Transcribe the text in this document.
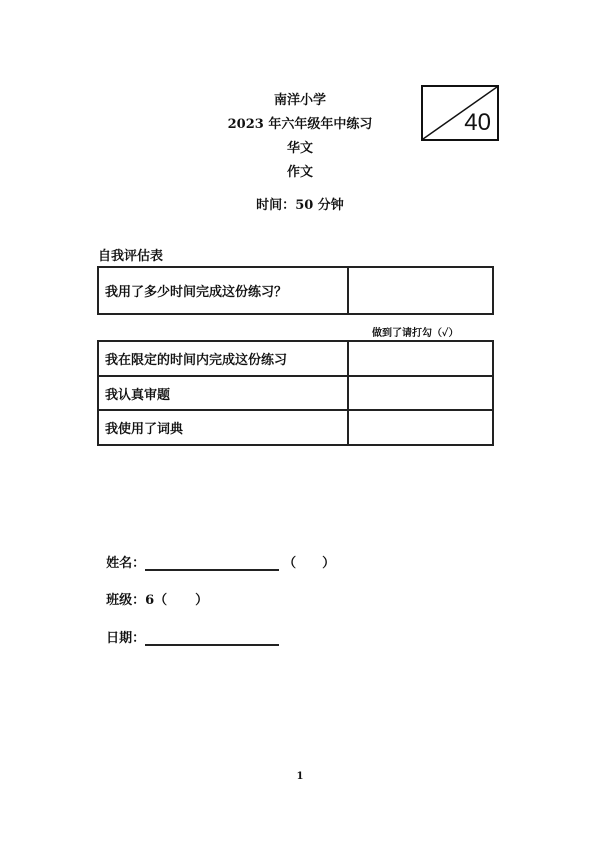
南洋小学
2023 年六年级年中练习
华文
作文
时间：50 分钟
40
自我评估表
我用了多少时间完成这份练习？	
做到了请打勾（✓）
我在限定的时间内完成这份练习	
我认真审题	
我使用了词典	

姓名：	（ ）

班级：6（ ）

日期：

1
